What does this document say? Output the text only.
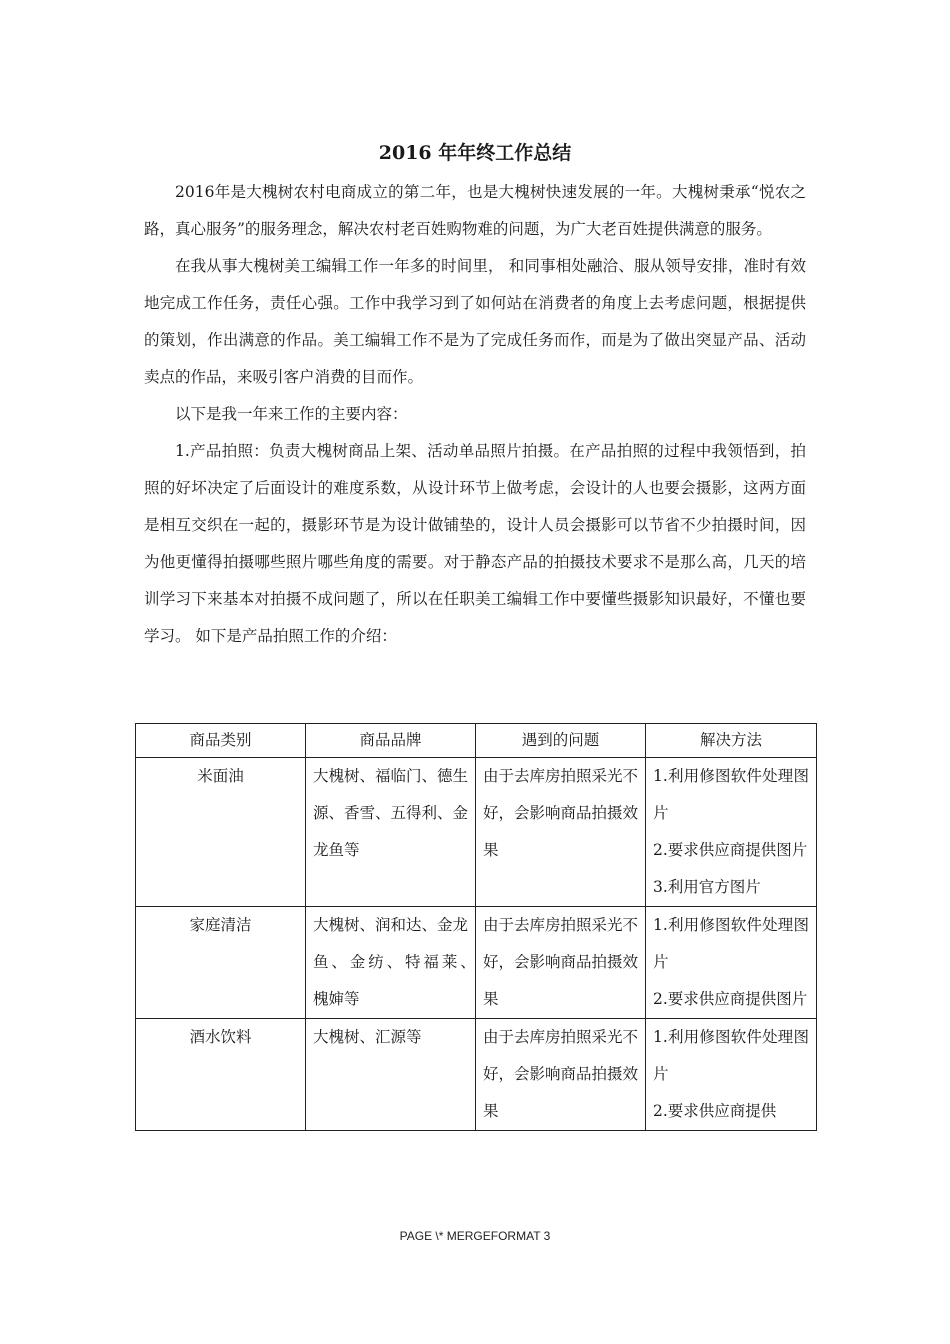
2016 年年终工作总结

2016年是大槐树农村电商成立的第二年，也是大槐树快速发展的一年。大槐树秉承“悦农之路，真心服务”的服务理念，解决农村老百姓购物难的问题，为广大老百姓提供满意的服务。

在我从事大槐树美工编辑工作一年多的时间里， 和同事相处融洽、服从领导安排，准时有效地完成工作任务，责任心强。工作中我学习到了如何站在消费者的角度上去考虑问题，根据提供的策划，作出满意的作品。美工编辑工作不是为了完成任务而作，而是为了做出突显产品、活动卖点的作品，来吸引客户消费的目而作。

以下是我一年来工作的主要内容：

1.产品拍照：负责大槐树商品上架、活动单品照片拍摄。在产品拍照的过程中我领悟到，拍照的好坏决定了后面设计的难度系数，从设计环节上做考虑，会设计的人也要会摄影，这两方面是相互交织在一起的，摄影环节是为设计做铺垫的，设计人员会摄影可以节省不少拍摄时间，因为他更懂得拍摄哪些照片哪些角度的需要。对于静态产品的拍摄技术要求不是那么高，几天的培训学习下来基本对拍摄不成问题了，所以在任职美工编辑工作中要懂些摄影知识最好，不懂也要学习。 如下是产品拍照工作的介绍：

商品类别	商品品牌	遇到的问题	解决方法
米面油	大槐树、福临门、德生源、香雪、五得利、金龙鱼等	由于去库房拍照采光不好，会影响商品拍摄效果	1.利用修图软件处理图片
2.要求供应商提供图片
3.利用官方图片

家庭清洁	大槐树、润和达、金龙鱼、金纺、特福莱、　槐婶等	由于去库房拍照采光不好，会影响商品拍摄效果	1.利用修图软件处理图片
2.要求供应商提供图片

酒水饮料	大槐树、汇源等	由于去库房拍照采光不好，会影响商品拍摄效果	1.利用修图软件处理图片
2.要求供应商提供
PAGE \* MERGEFORMAT 3
